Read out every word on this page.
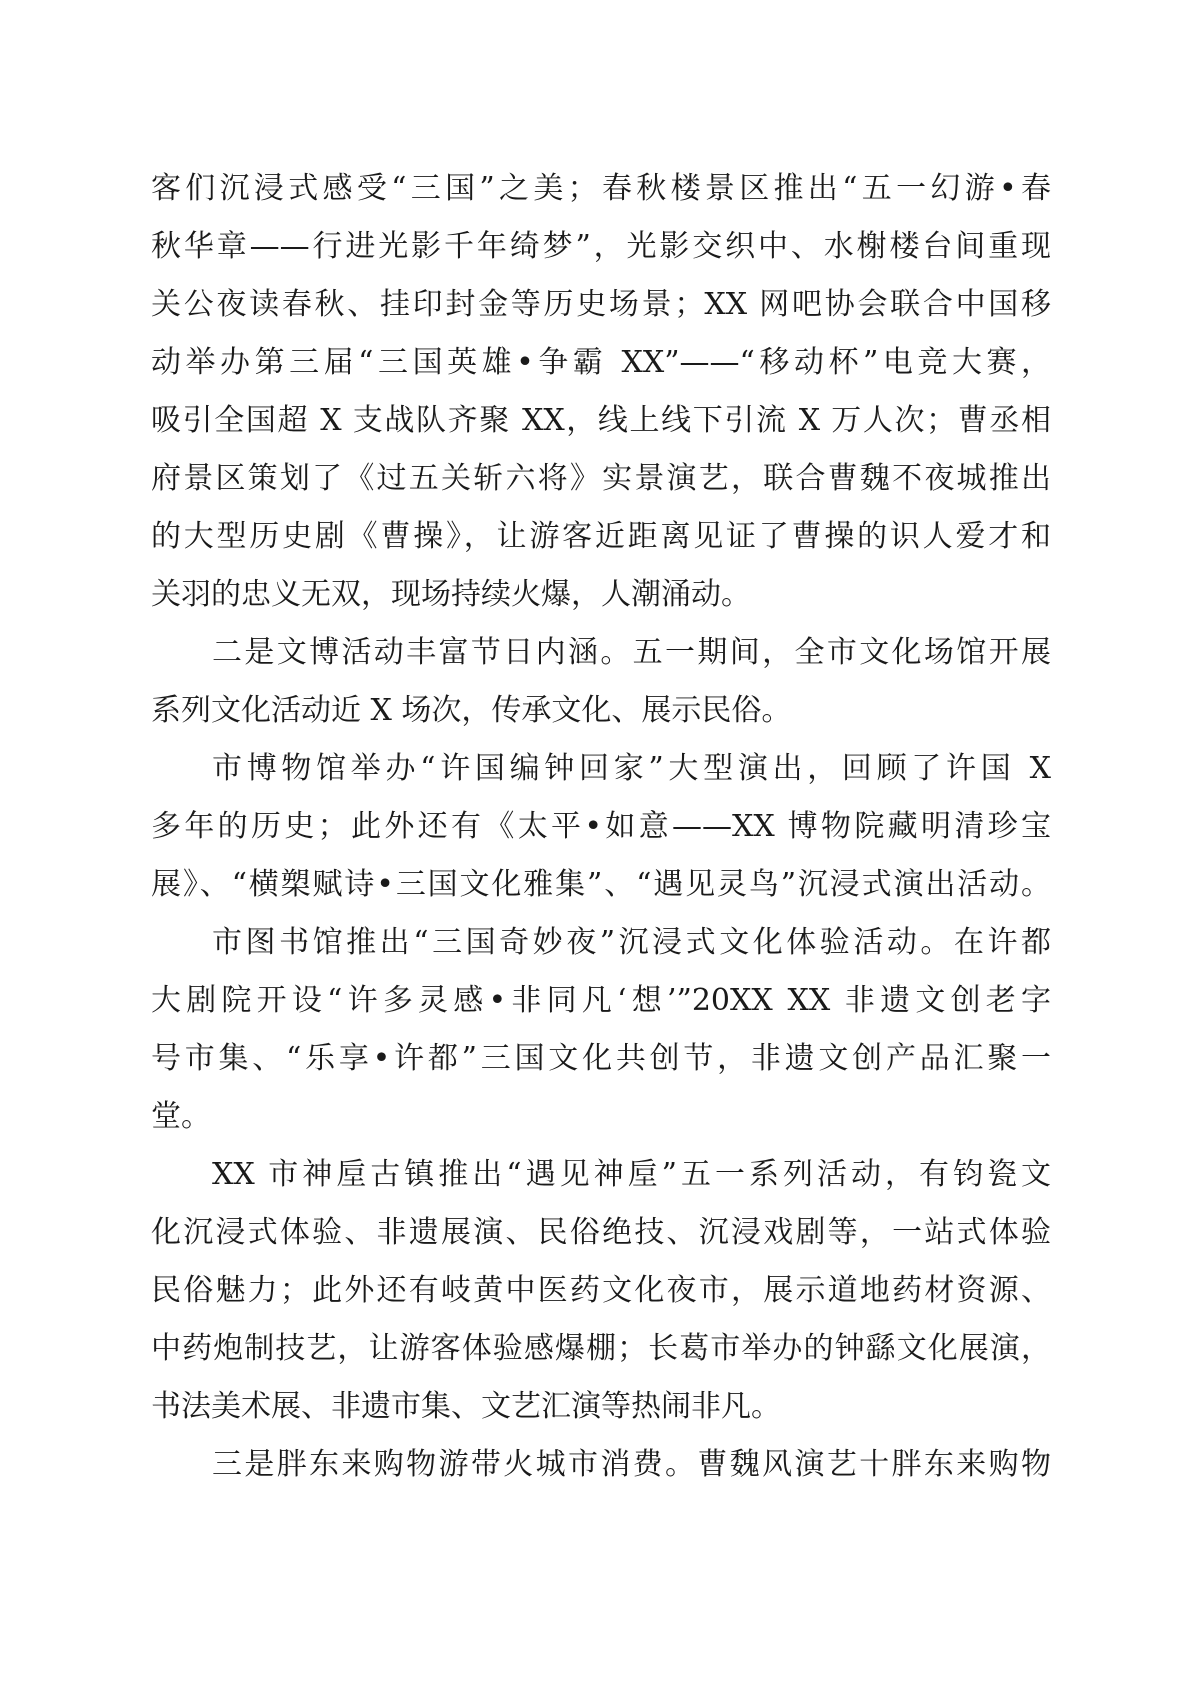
客们沉浸式感受“三国”之美；春秋楼景区推出“五一幻游•春
秋华章——行进光影千年绮梦”，光影交织中、水榭楼台间重现
关公夜读春秋、挂印封金等历史场景；XX 网吧协会联合中国移
动举办第三届“三国英雄•争霸 XX”——“移动杯”电竞大赛，
吸引全国超 X 支战队齐聚 XX，线上线下引流 X 万人次；曹丞相
府景区策划了《过五关斩六将》实景演艺，联合曹魏不夜城推出
的大型历史剧《曹操》，让游客近距离见证了曹操的识人爱才和
关羽的忠义无双，现场持续火爆，人潮涌动。
二是文博活动丰富节日内涵。五一期间，全市文化场馆开展
系列文化活动近 X 场次，传承文化、展示民俗。
市博物馆举办“许国编钟回家”大型演出，回顾了许国 X
多年的历史；此外还有《太平•如意——XX 博物院藏明清珍宝
展》、“横槊赋诗•三国文化雅集”、“遇见灵鸟”沉浸式演出活动。
市图书馆推出“三国奇妙夜”沉浸式文化体验活动。在许都
大剧院开设“许多灵感•非同凡‘想’”20XX XX 非遗文创老字
号市集、“乐享•许都”三国文化共创节，非遗文创产品汇聚一
堂。
XX 市神垕古镇推出“遇见神垕”五一系列活动，有钧瓷文
化沉浸式体验、非遗展演、民俗绝技、沉浸戏剧等，一站式体验
民俗魅力；此外还有岐黄中医药文化夜市，展示道地药材资源、
中药炮制技艺，让游客体验感爆棚；长葛市举办的钟繇文化展演，
书法美术展、非遗市集、文艺汇演等热闹非凡。
三是胖东来购物游带火城市消费。曹魏风演艺十胖东来购物
